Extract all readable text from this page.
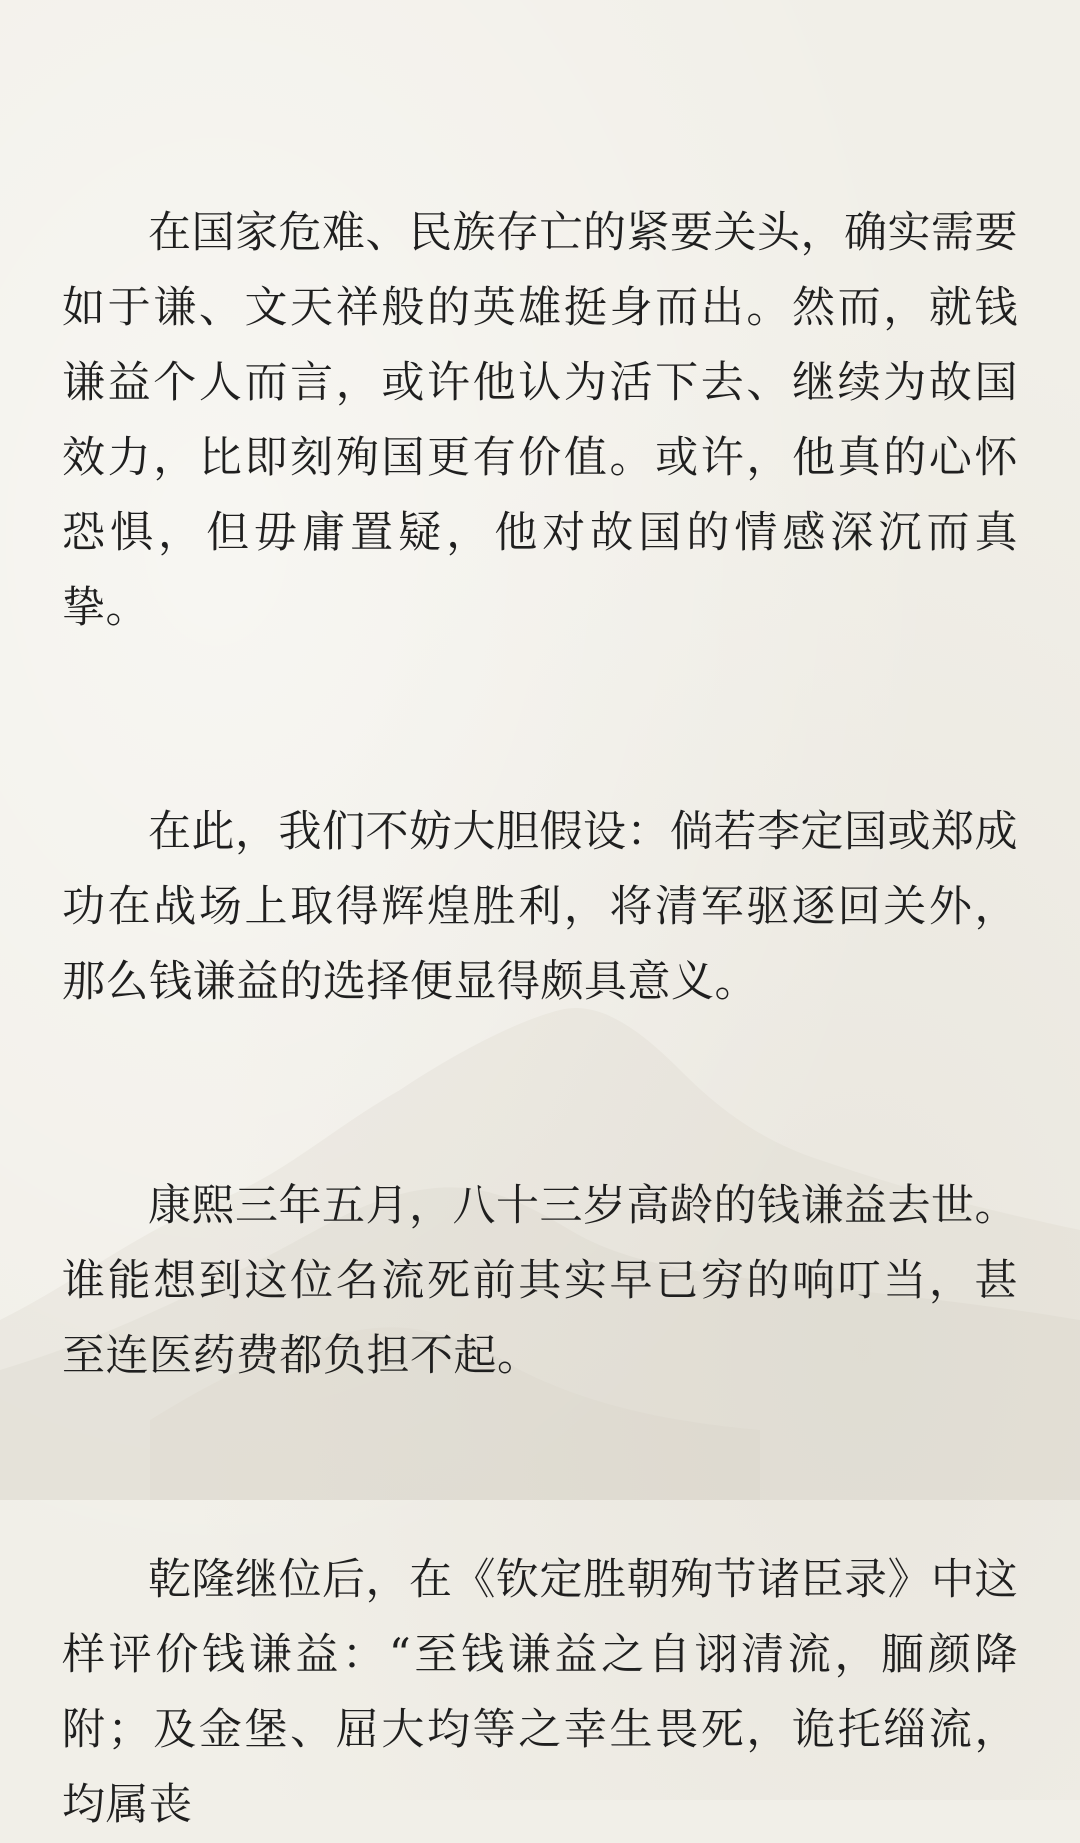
在国家危难、民族存亡的紧要关头，确实需要如于谦、文天祥般的英雄挺身而出。然而，就钱谦益个人而言，或许他认为活下去、继续为故国效力，比即刻殉国更有价值。或许，他真的心怀恐惧，但毋庸置疑，他对故国的情感深沉而真挚。

在此，我们不妨大胆假设：倘若李定国或郑成功在战场上取得辉煌胜利，将清军驱逐回关外，那么钱谦益的选择便显得颇具意义。

康熙三年五月，八十三岁高龄的钱谦益去世。谁能想到这位名流死前其实早已穷的响叮当，甚至连医药费都负担不起。

乾隆继位后，在《钦定胜朝殉节诸臣录》中这样评价钱谦益：“至钱谦益之自诩清流，腼颜降附；及金堡、屈大均等之幸生畏死，诡托缁流，均属丧
